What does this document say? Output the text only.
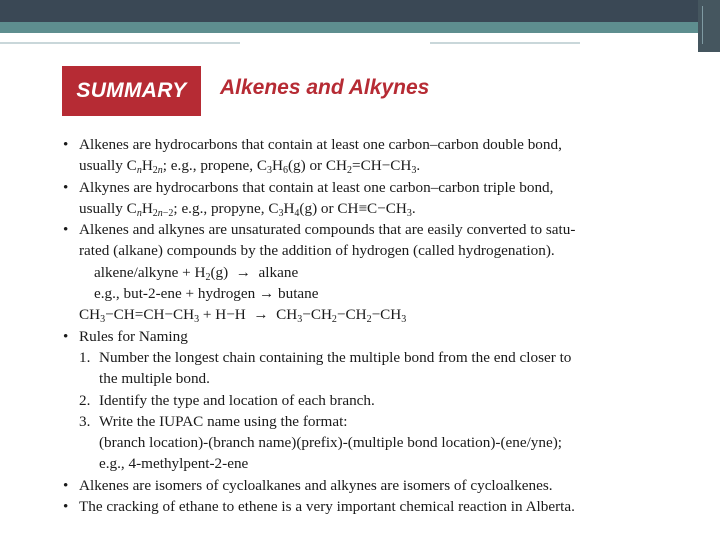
SUMMARY Alkenes and Alkynes
• Alkenes are hydrocarbons that contain at least one carbon–carbon double bond,
usually $C_nH_{2n}$; e.g., propene, $C_3H_6(g)$ or $CH_2=CH-CH_3$.
• Alkynes are hydrocarbons that contain at least one carbon–carbon triple bond,
usually $C_nH_{2n-2}$; e.g., propyne, $C_3H_4(g)$ or $CH\equiv C-CH_3$.
• Alkenes and alkynes are unsaturated compounds that are easily converted to satu-
rated (alkane) compounds by the addition of hydrogen (called hydrogenation).
alkene/alkyne + $H_2(g)$  →  alkane
e.g., but-2-ene + hydrogen → butane
$CH_3-CH=CH-CH_3 + H-H \to CH_3-CH_2-CH_2-CH_3$
• Rules for Naming
1. Number the longest chain containing the multiple bond from the end closer to
the multiple bond.
2. Identify the type and location of each branch.
3. Write the IUPAC name using the format:
(branch location)-(branch name)(prefix)-(multiple bond location)-(ene/yne);
e.g., 4-methylpent-2-ene
• Alkenes are isomers of cycloalkanes and alkynes are isomers of cycloalkenes.
• The cracking of ethane to ethene is a very important chemical reaction in Alberta.
